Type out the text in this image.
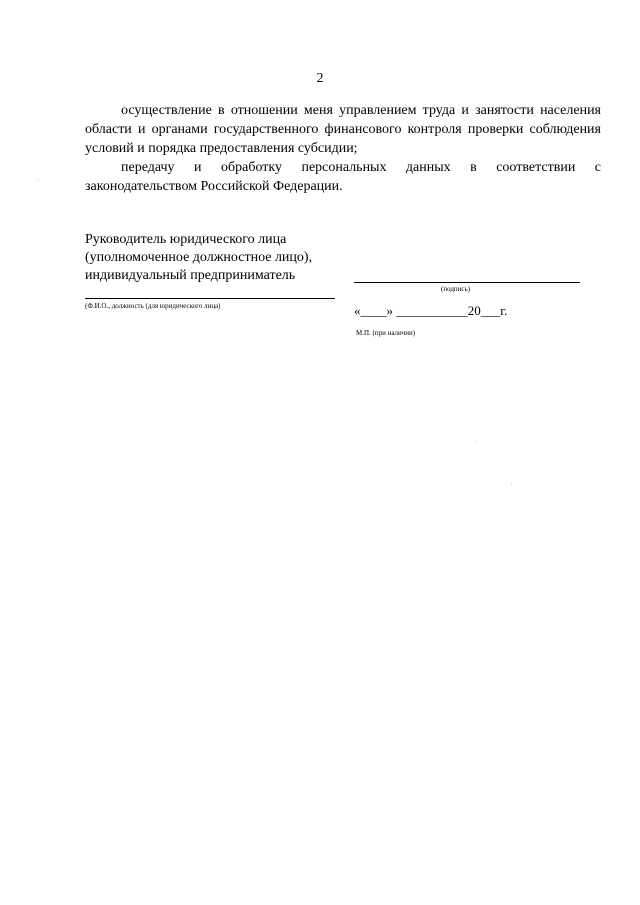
2

осуществление в отношении меня управлением труда и занятости населения области и органами государственного финансового контроля проверки соблюдения условий и порядка предоставления субсидии;

передачу и обработку персональных данных в соответствии с законодательством Российской Федерации.

Руководитель юридического лица
(уполномоченное должностное лицо),
индивидуальный предприниматель
(Ф.И.О., должность (для юридического лица)
(подпись)
«____» ___________20___г.
М.П. (при наличии)
